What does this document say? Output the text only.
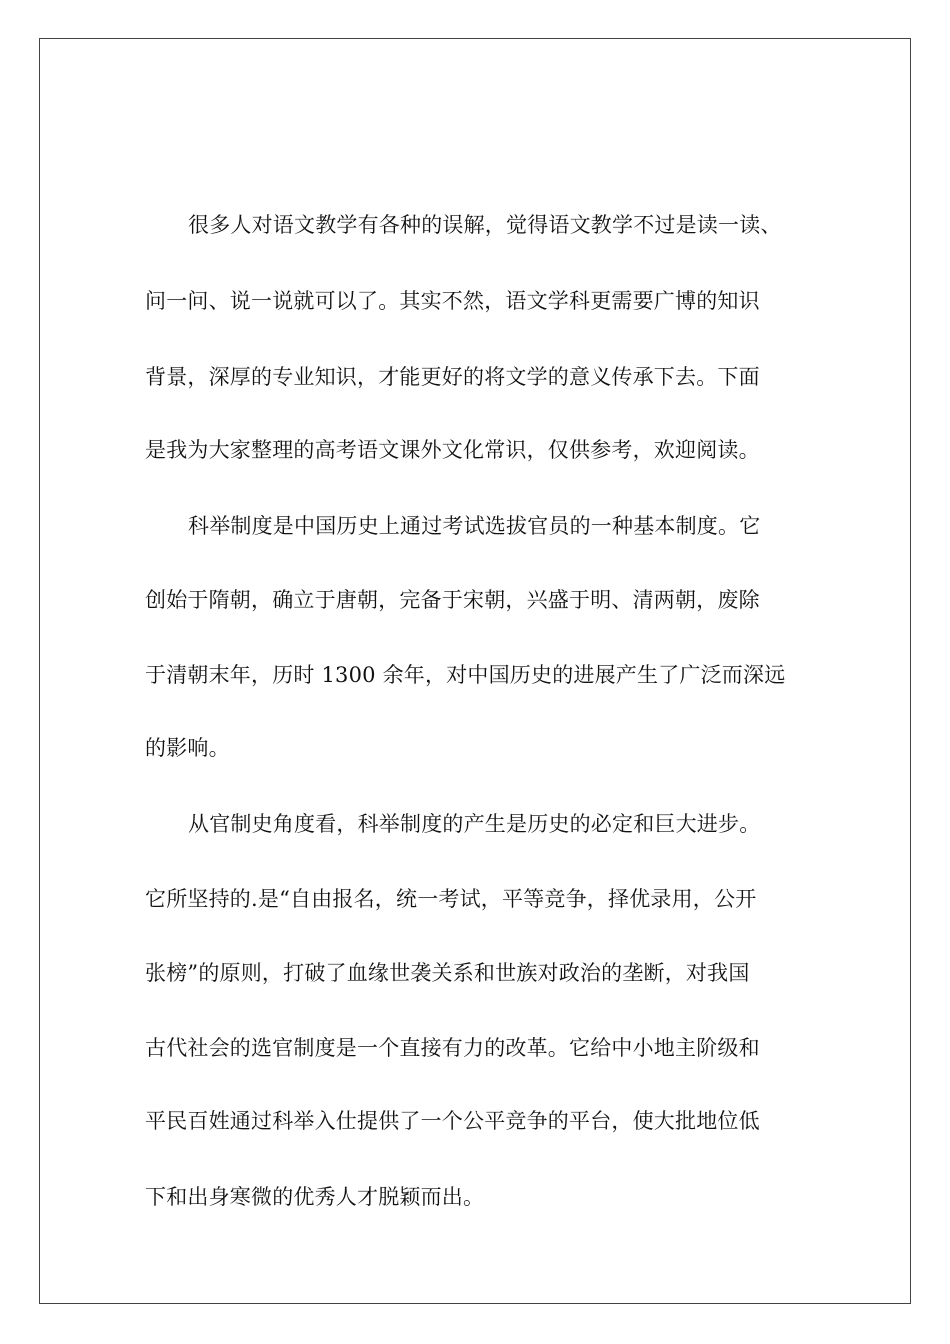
很多人对语文教学有各种的误解，觉得语文教学不过是读一读、
问一问、说一说就可以了。其实不然，语文学科更需要广博的知识
背景，深厚的专业知识，才能更好的将文学的意义传承下去。下面
是我为大家整理的高考语文课外文化常识，仅供参考，欢迎阅读。
科举制度是中国历史上通过考试选拔官员的一种基本制度。它
创始于隋朝，确立于唐朝，完备于宋朝，兴盛于明、清两朝，废除
于清朝末年，历时 1300 余年，对中国历史的进展产生了广泛而深远
的影响。
从官制史角度看，科举制度的产生是历史的必定和巨大进步。
它所坚持的.是“自由报名，统一考试，平等竞争，择优录用，公开
张榜”的原则，打破了血缘世袭关系和世族对政治的垄断，对我国
古代社会的选官制度是一个直接有力的改革。它给中小地主阶级和
平民百姓通过科举入仕提供了一个公平竞争的平台，使大批地位低
下和出身寒微的优秀人才脱颖而出。
